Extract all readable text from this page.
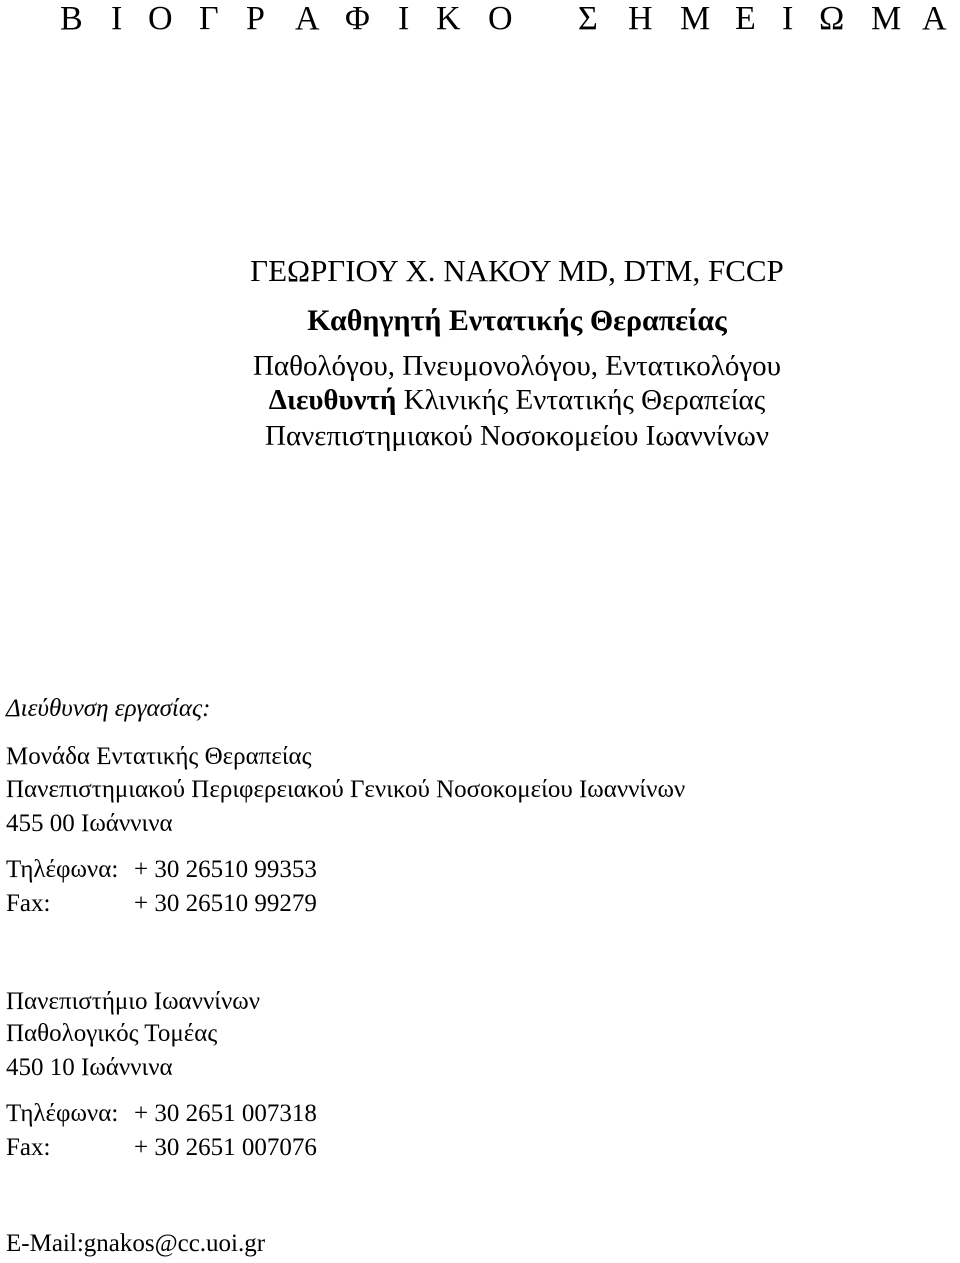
Β Ι Ο Γ Ρ Α Φ Ι Κ Ο Σ Η Μ Ε Ι Ω Μ Α
ΓΕΩΡΓΙΟΥ Χ. ΝΑΚΟΥ MD, DTM, FCCP
Καθηγητή Εντατικής Θεραπείας
Παθολόγου, Πνευμονολόγου, Εντατικολόγου
Διευθυντή Κλινικής Εντατικής Θεραπείας
Πανεπιστημιακού Νοσοκομείου Ιωαννίνων
Διεύθυνση εργασίας:
Μονάδα Εντατικής Θεραπείας
Πανεπιστημιακού Περιφερειακού Γενικού Νοσοκομείου Ιωαννίνων
455 00 Ιωάννινα
Τηλέφωνα: + 30 26510 99353
Fax:	+ 30 26510 99279
Πανεπιστήμιο Ιωαννίνων
Παθολογικός Τομέας
450 10 Ιωάννινα
Τηλέφωνα: + 30 2651 007318
Fax:	+ 30 2651 007076
E-Mail:gnakos@cc.uoi.gr
